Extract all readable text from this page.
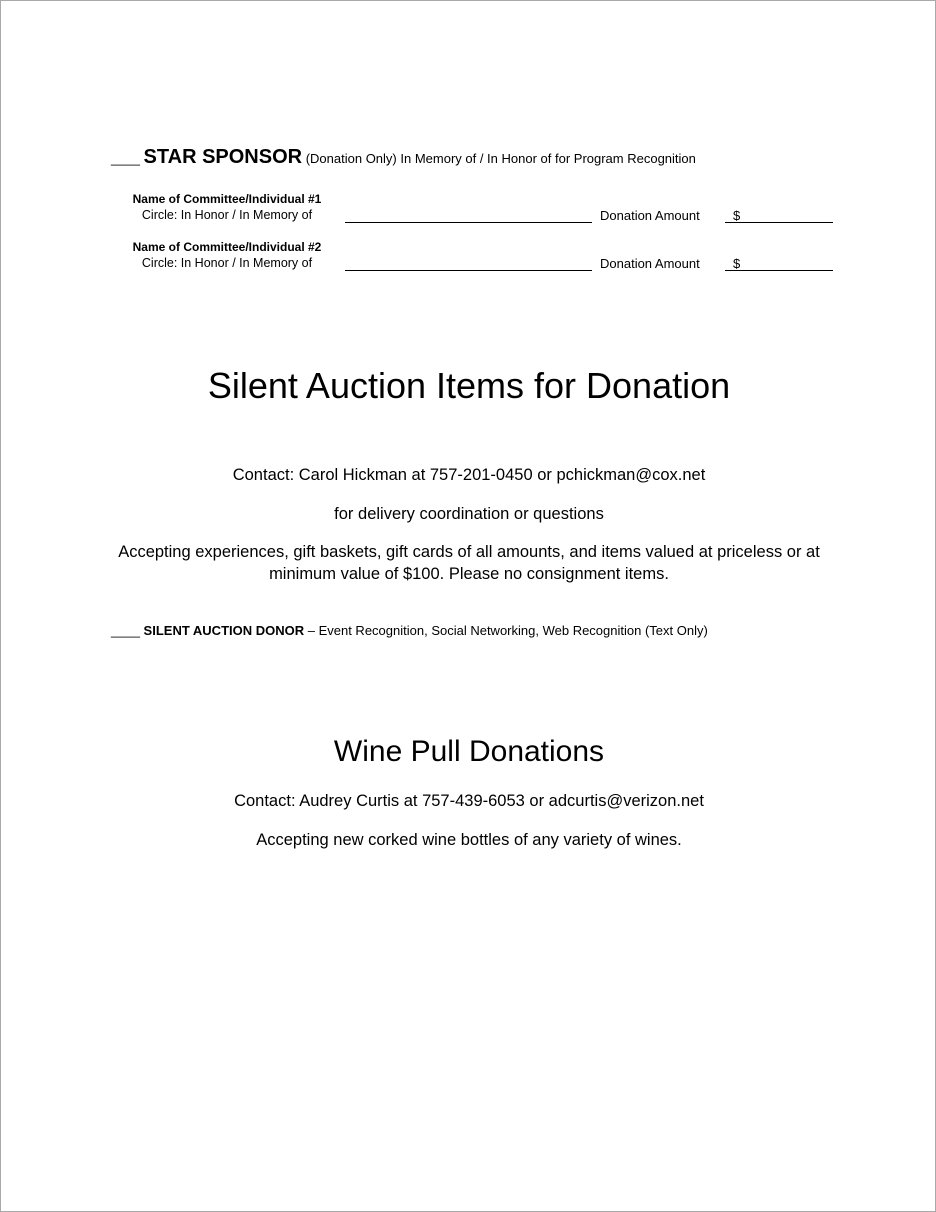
____ STAR SPONSOR (Donation Only) In Memory of / In Honor of for Program Recognition
Name of Committee/Individual #1
Circle: In Honor / In Memory of	Donation Amount	$
Name of Committee/Individual #2
Circle: In Honor / In Memory of	Donation Amount	$
Silent Auction Items for Donation
Contact: Carol Hickman at 757-201-0450 or pchickman@cox.net
for delivery coordination or questions
Accepting experiences, gift baskets, gift cards of all amounts, and items valued at priceless or at
minimum value of $100. Please no consignment items.
____ SILENT AUCTION DONOR – Event Recognition, Social Networking, Web Recognition (Text Only)
Wine Pull Donations
Contact: Audrey Curtis at 757-439-6053 or adcurtis@verizon.net
Accepting new corked wine bottles of any variety of wines.
